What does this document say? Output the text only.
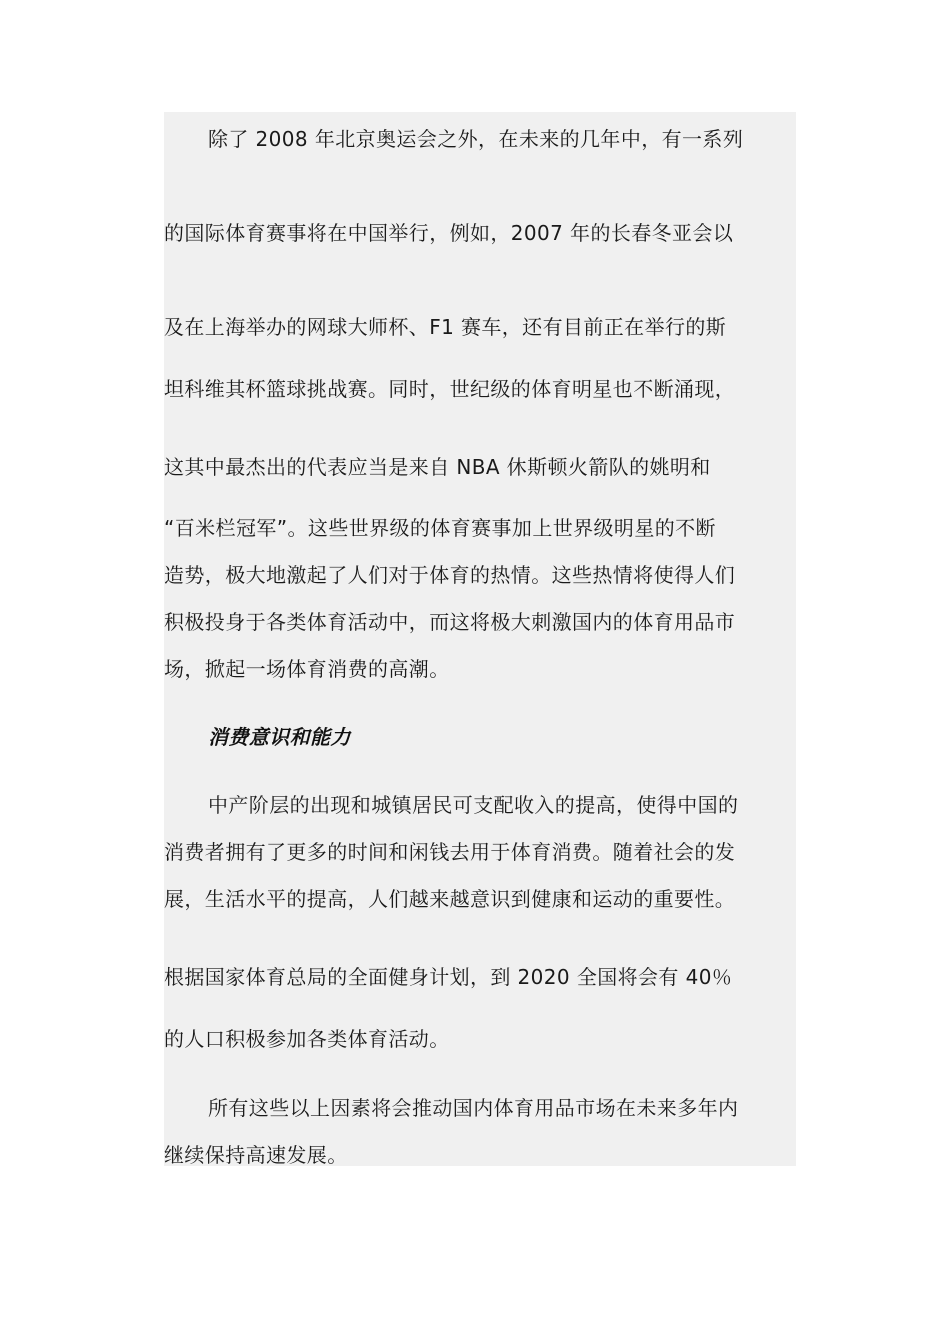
除了 2008 年北京奥运会之外，在未来的几年中，有一系列
的国际体育赛事将在中国举行，例如，2007 年的长春冬亚会以
及在上海举办的网球大师杯、F1 赛车，还有目前正在举行的斯
坦科维其杯篮球挑战赛。同时，世纪级的体育明星也不断涌现，
这其中最杰出的代表应当是来自 NBA 休斯顿火箭队的姚明和
“百米栏冠军”。这些世界级的体育赛事加上世界级明星的不断
造势，极大地激起了人们对于体育的热情。这些热情将使得人们
积极投身于各类体育活动中，而这将极大刺激国内的体育用品市
场，掀起一场体育消费的高潮。
消费意识和能力
中产阶层的出现和城镇居民可支配收入的提高，使得中国的
消费者拥有了更多的时间和闲钱去用于体育消费。随着社会的发
展，生活水平的提高，人们越来越意识到健康和运动的重要性。
根据国家体育总局的全面健身计划，到 2020 全国将会有 40％
的人口积极参加各类体育活动。
所有这些以上因素将会推动国内体育用品市场在未来多年内
继续保持高速发展。
